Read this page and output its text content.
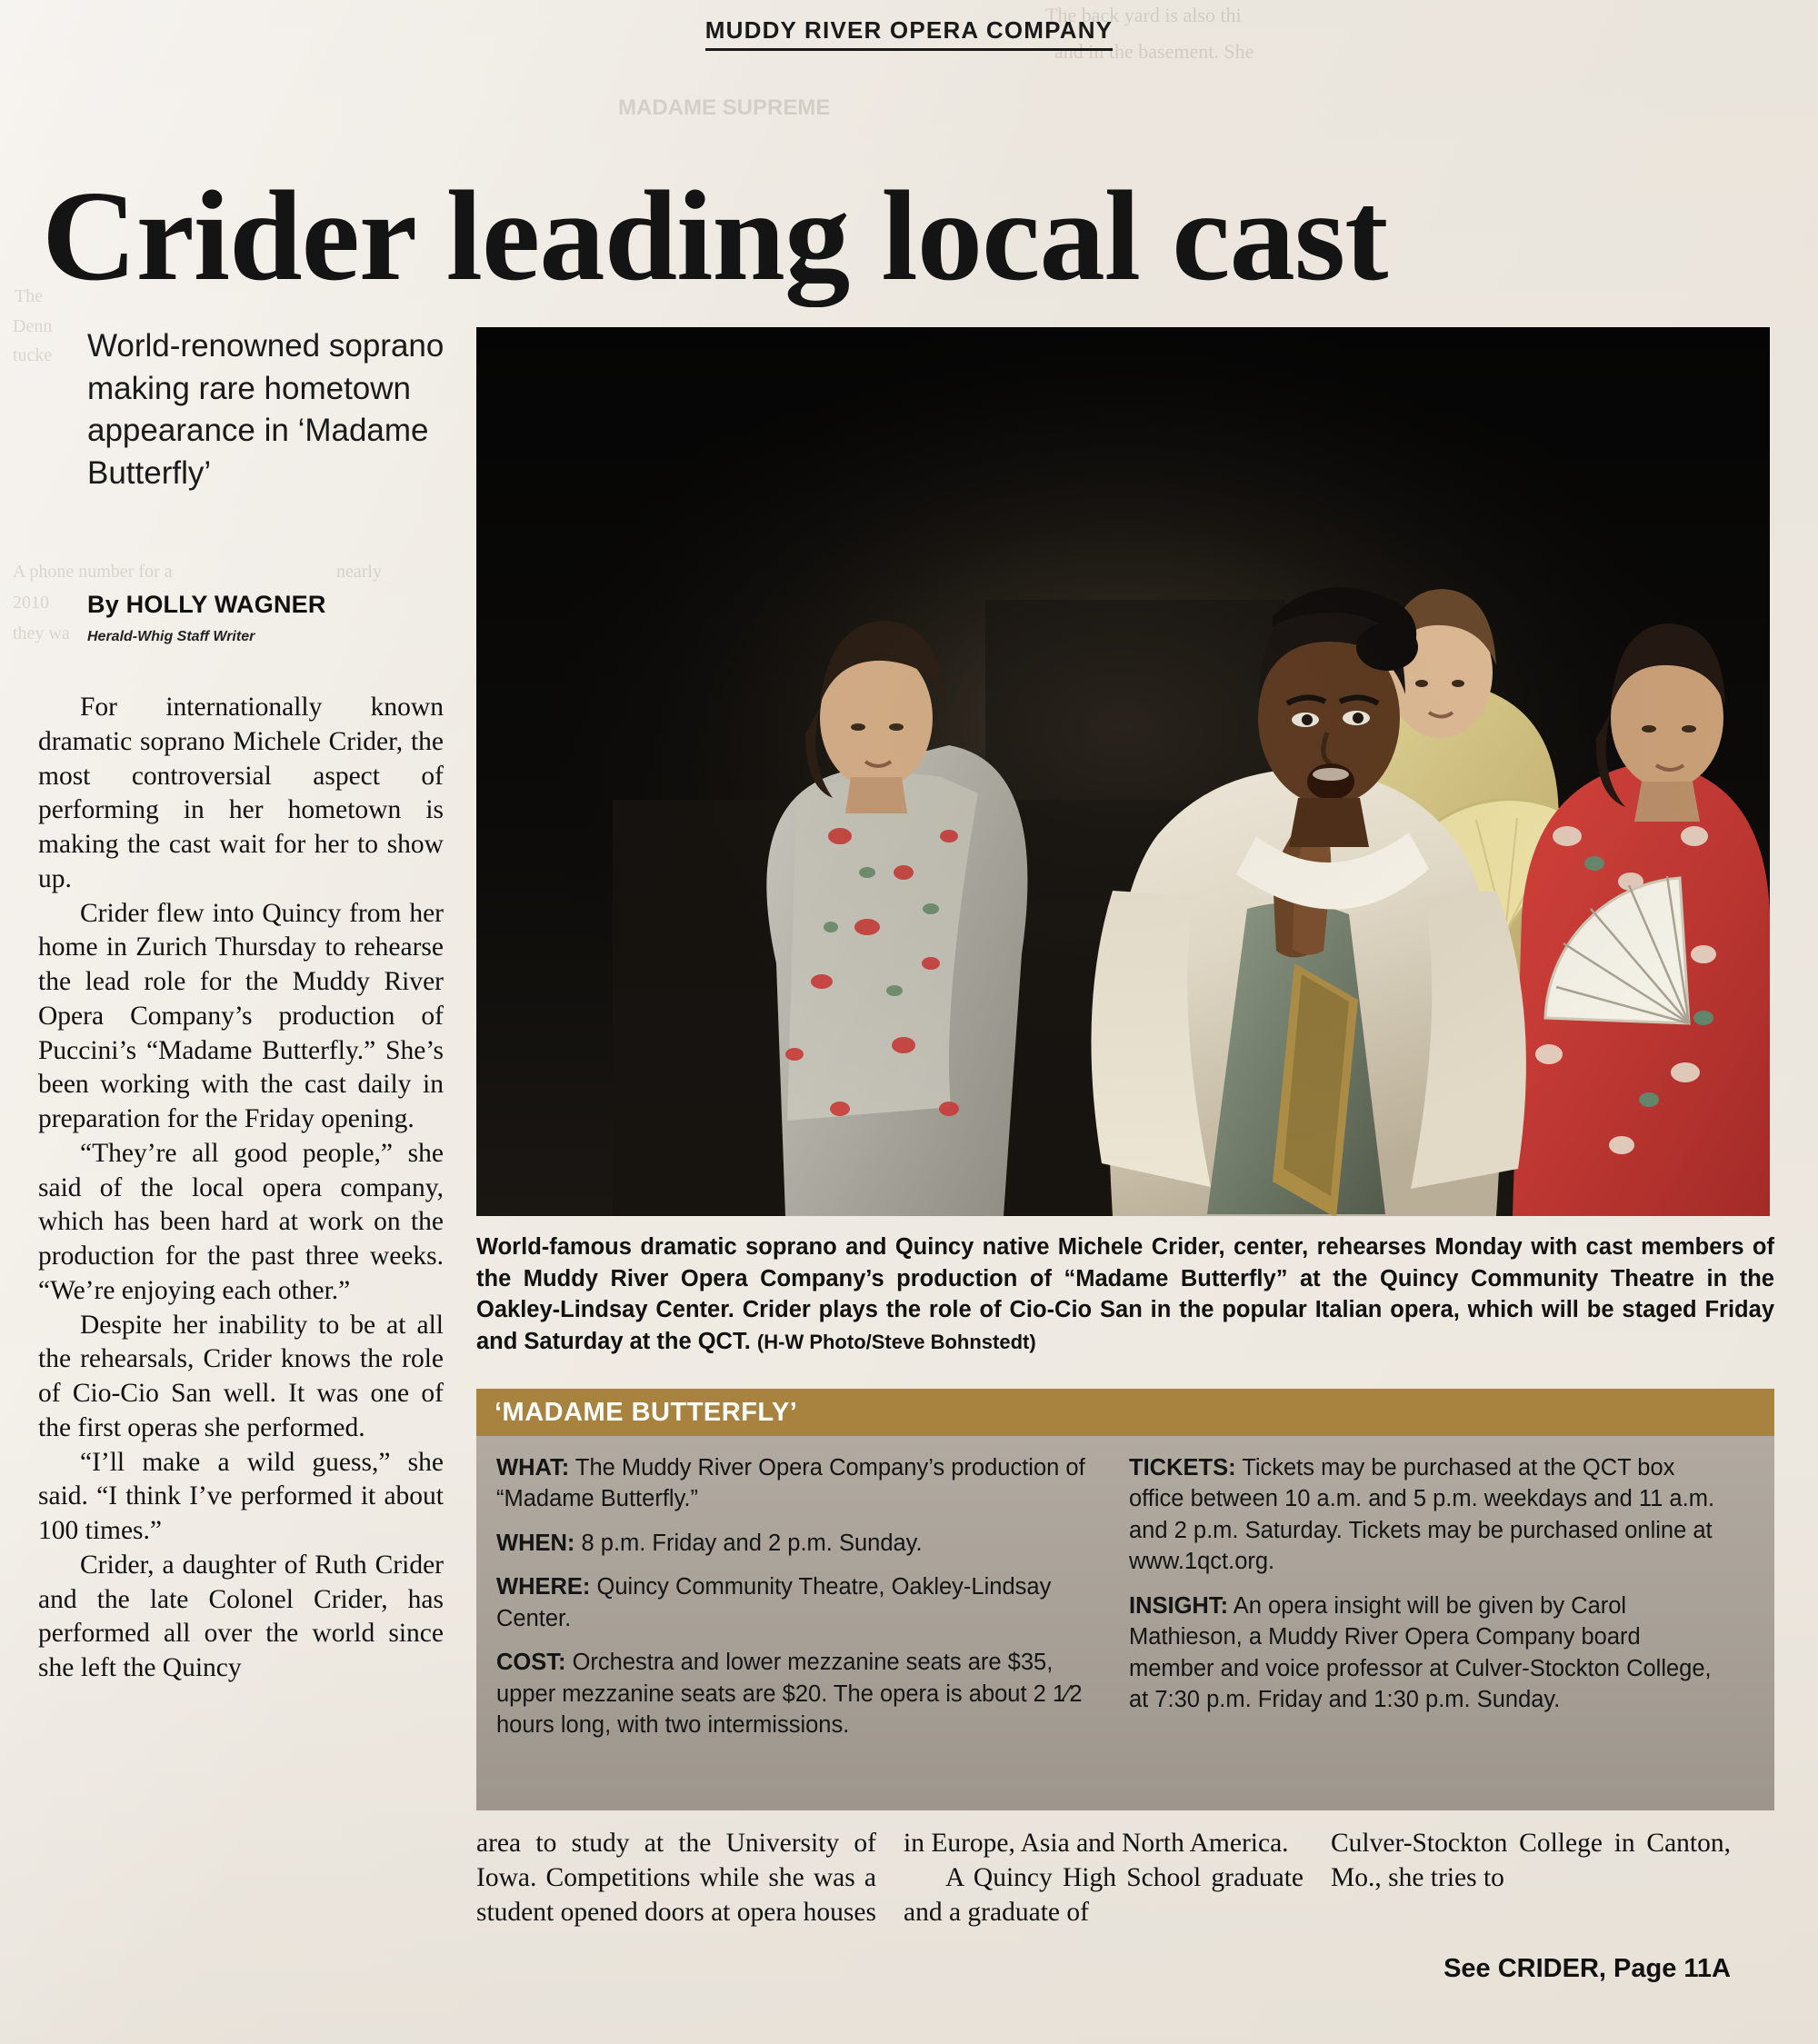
The back yard is also thi
and in the basement. She
MADAME SUPREME

The
Denn
tucke
A phone number for a	nearly
2010
they wa
MUDDY RIVER OPERA COMPANY
Crider leading local cast
World-renowned soprano making rare hometown appearance in ‘Madame Butterfly’
By HOLLY WAGNER
Herald-Whig Staff Writer

For internationally known dramatic soprano Michele Crider, the most controversial aspect of performing in her hometown is making the cast wait for her to show up.

Crider flew into Quincy from her home in Zurich Thursday to rehearse the lead role for the Muddy River Opera Company’s production of Puccini’s “Madame Butterfly.” She’s been working with the cast daily in preparation for the Friday opening.

“They’re all good people,” she said of the local opera company, which has been hard at work on the production for the past three weeks. “We’re enjoying each other.”

Despite her inability to be at all the rehearsals, Crider knows the role of Cio-Cio San well. It was one of the first operas she performed.

“I’ll make a wild guess,” she said. “I think I’ve performed it about 100 times.”

Crider, a daughter of Ruth Crider and the late Colonel Crider, has performed all over the world since she left the Quincy

World-famous dramatic soprano and Quincy native Michele Crider, center, rehearses Monday with cast members of the Muddy River Opera Company’s production of “Madame Butterfly” at the Quincy Community Theatre in the Oakley-Lindsay Center. Crider plays the role of Cio-Cio San in the popular Italian opera, which will be staged Friday and Saturday at the QCT. (H-W Photo/Steve Bohnstedt)
‘MADAME BUTTERFLY’
WHAT: The Muddy River Opera Company’s production of “Madame Butterfly.”
WHEN: 8 p.m. Friday and 2 p.m. Sunday.
WHERE: Quincy Community Theatre, Oakley-Lindsay Center.
COST: Orchestra and lower mezzanine seats are $35, upper mezzanine seats are $20. The opera is about 2 1⁄2 hours long, with two intermissions.
TICKETS: Tickets may be purchased at the QCT box office between 10 a.m. and 5 p.m. weekdays and 11 a.m. and 2 p.m. Saturday. Tickets may be purchased online at www.1qct.org.
INSIGHT: An opera insight will be given by Carol Mathieson, a Muddy River Opera Company board member and voice professor at Culver-Stockton College, at 7:30 p.m. Friday and 1:30 p.m. Sunday.

area to study at the University of Iowa. Competitions while she was a student opened doors at opera houses

in Europe, Asia and North America.

A Quincy High School graduate and a graduate of

Culver-Stockton College in Canton, Mo., she tries to

See CRIDER, Page 11A
